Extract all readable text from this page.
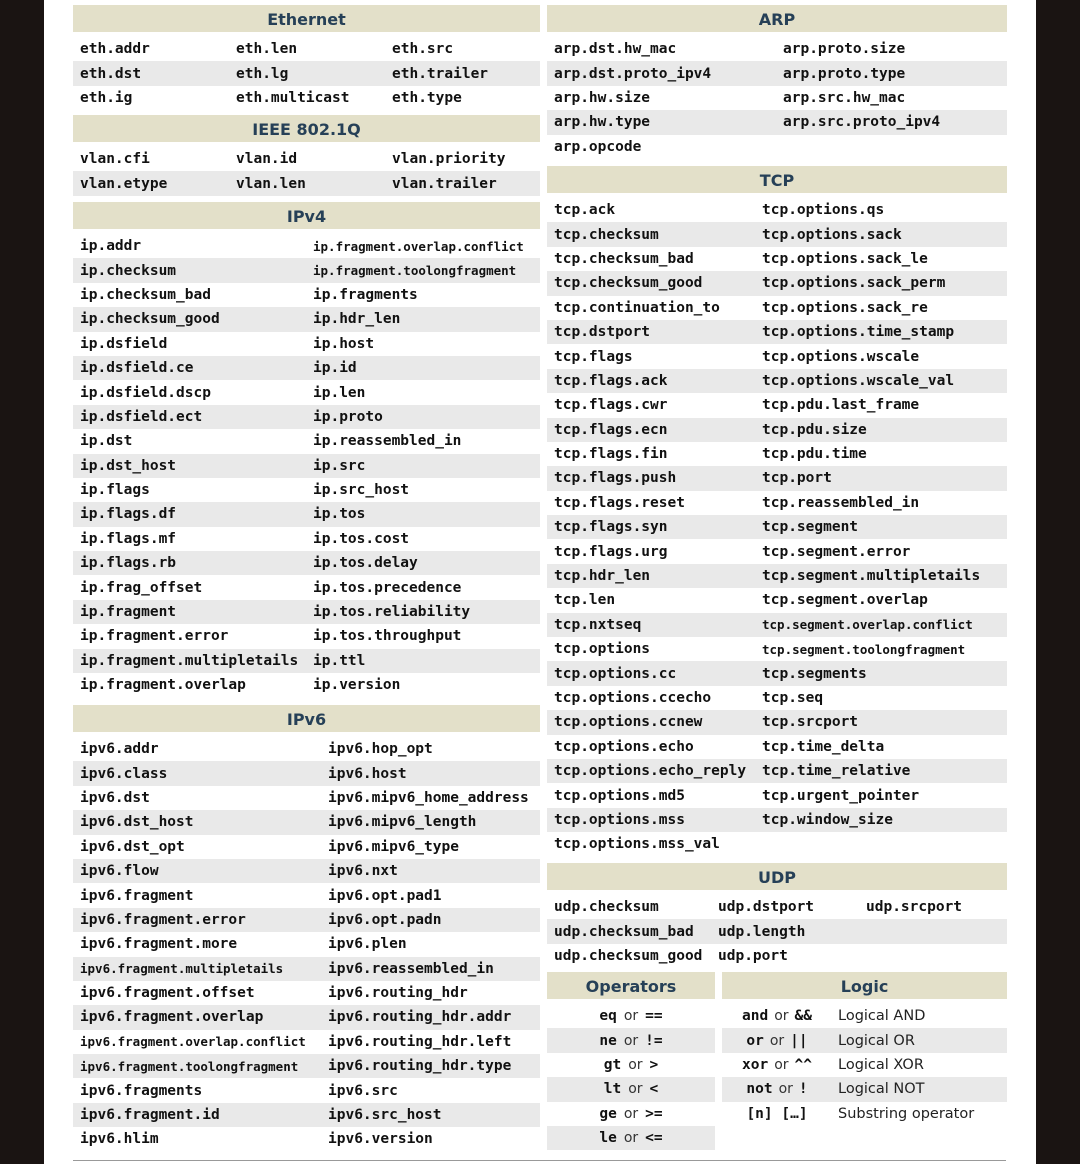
Ethernet
eth.addr	eth.len	eth.src
eth.dst	eth.lg	eth.trailer
eth.ig	eth.multicast	eth.type
IEEE 802.1Q
vlan.cfi	vlan.id	vlan.priority
vlan.etype	vlan.len	vlan.trailer
IPv4
ip.addr	ip.fragment.overlap.conflict
ip.checksum	ip.fragment.toolongfragment
ip.checksum_bad	ip.fragments
ip.checksum_good	ip.hdr_len
ip.dsfield	ip.host
ip.dsfield.ce	ip.id
ip.dsfield.dscp	ip.len
ip.dsfield.ect	ip.proto
ip.dst	ip.reassembled_in
ip.dst_host	ip.src
ip.flags	ip.src_host
ip.flags.df	ip.tos
ip.flags.mf	ip.tos.cost
ip.flags.rb	ip.tos.delay
ip.frag_offset	ip.tos.precedence
ip.fragment	ip.tos.reliability
ip.fragment.error	ip.tos.throughput
ip.fragment.multipletails	ip.ttl
ip.fragment.overlap	ip.version
IPv6
ipv6.addr	ipv6.hop_opt
ipv6.class	ipv6.host
ipv6.dst	ipv6.mipv6_home_address
ipv6.dst_host	ipv6.mipv6_length
ipv6.dst_opt	ipv6.mipv6_type
ipv6.flow	ipv6.nxt
ipv6.fragment	ipv6.opt.pad1
ipv6.fragment.error	ipv6.opt.padn
ipv6.fragment.more	ipv6.plen
ipv6.fragment.multipletails	ipv6.reassembled_in
ipv6.fragment.offset	ipv6.routing_hdr
ipv6.fragment.overlap	ipv6.routing_hdr.addr
ipv6.fragment.overlap.conflict	ipv6.routing_hdr.left
ipv6.fragment.toolongfragment	ipv6.routing_hdr.type
ipv6.fragments	ipv6.src
ipv6.fragment.id	ipv6.src_host
ipv6.hlim	ipv6.version
ARP
arp.dst.hw_mac	arp.proto.size
arp.dst.proto_ipv4	arp.proto.type
arp.hw.size	arp.src.hw_mac
arp.hw.type	arp.src.proto_ipv4
arp.opcode
TCP
tcp.ack	tcp.options.qs
tcp.checksum	tcp.options.sack
tcp.checksum_bad	tcp.options.sack_le
tcp.checksum_good	tcp.options.sack_perm
tcp.continuation_to	tcp.options.sack_re
tcp.dstport	tcp.options.time_stamp
tcp.flags	tcp.options.wscale
tcp.flags.ack	tcp.options.wscale_val
tcp.flags.cwr	tcp.pdu.last_frame
tcp.flags.ecn	tcp.pdu.size
tcp.flags.fin	tcp.pdu.time
tcp.flags.push	tcp.port
tcp.flags.reset	tcp.reassembled_in
tcp.flags.syn	tcp.segment
tcp.flags.urg	tcp.segment.error
tcp.hdr_len	tcp.segment.multipletails
tcp.len	tcp.segment.overlap
tcp.nxtseq	tcp.segment.overlap.conflict
tcp.options	tcp.segment.toolongfragment
tcp.options.cc	tcp.segments
tcp.options.ccecho	tcp.seq
tcp.options.ccnew	tcp.srcport
tcp.options.echo	tcp.time_delta
tcp.options.echo_reply	tcp.time_relative
tcp.options.md5	tcp.urgent_pointer
tcp.options.mss	tcp.window_size
tcp.options.mss_val
UDP
udp.checksum	udp.dstport	udp.srcport
udp.checksum_bad	udp.length
udp.checksum_good	udp.port
Operators
eq or ==
ne or !=
gt or >
lt or <
ge or >=
le or <=
Logic
and or &&	Logical AND
or or ||	Logical OR
xor or ^^	Logical XOR
not or !	Logical NOT
[n] […]	Substring operator
